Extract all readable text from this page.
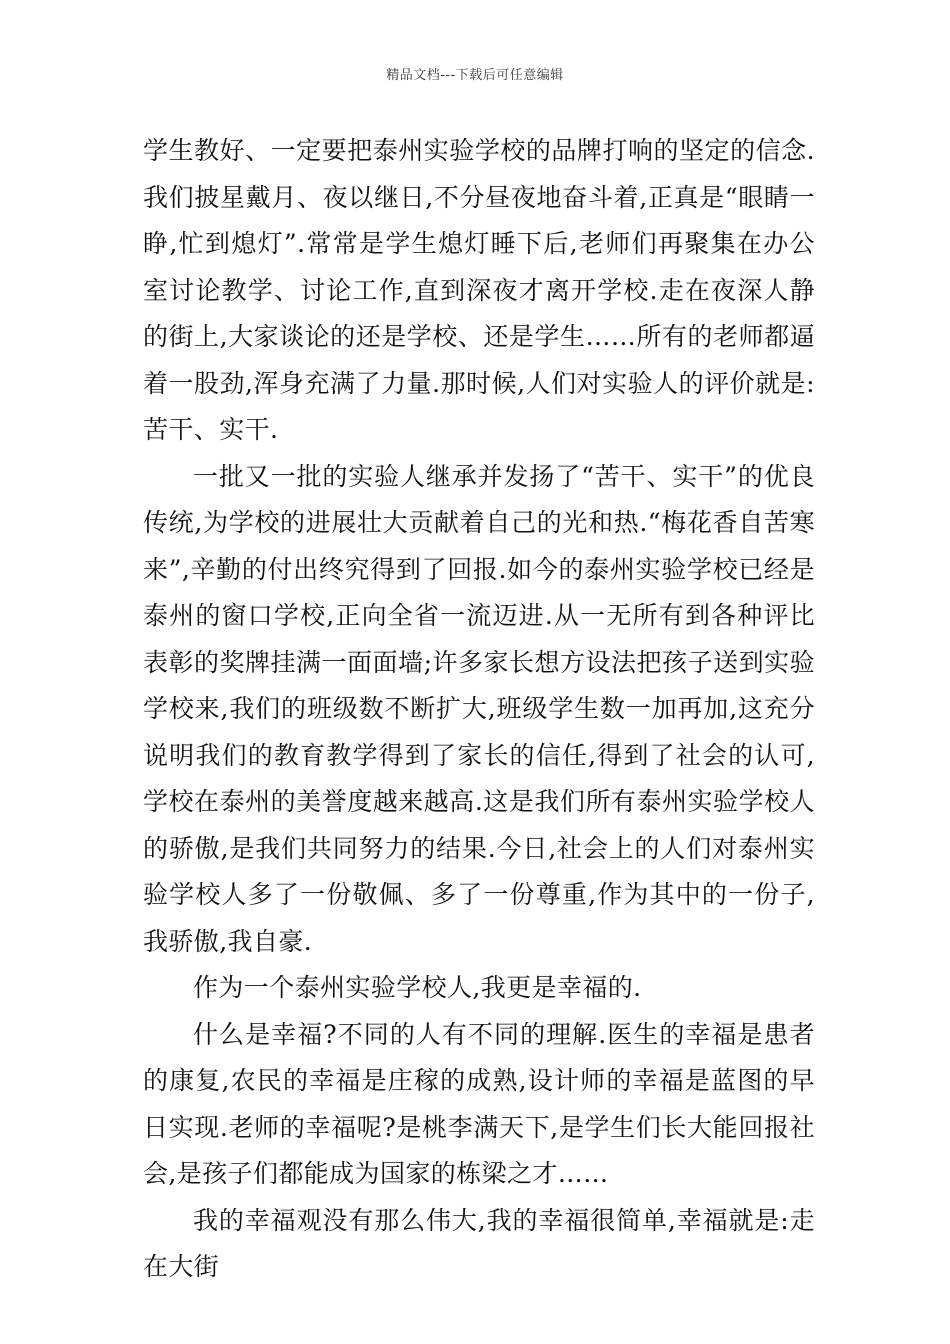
精品文档---下载后可任意编辑

学生教好、一定要把泰州实验学校的品牌打响的坚定的信念.我们披星戴月、夜以继日,不分昼夜地奋斗着,正真是“眼睛一睁,忙到熄灯”.常常是学生熄灯睡下后,老师们再聚集在办公室讨论教学、讨论工作,直到深夜才离开学校.走在夜深人静的街上,大家谈论的还是学校、还是学生……所有的老师都逼着一股劲,浑身充满了力量.那时候,人们对实验人的评价就是:苦干、实干.

一批又一批的实验人继承并发扬了“苦干、实干”的优良传统,为学校的进展壮大贡献着自己的光和热.“梅花香自苦寒来”,辛勤的付出终究得到了回报.如今的泰州实验学校已经是泰州的窗口学校,正向全省一流迈进.从一无所有到各种评比表彰的奖牌挂满一面面墙;许多家长想方设法把孩子送到实验学校来,我们的班级数不断扩大,班级学生数一加再加,这充分说明我们的教育教学得到了家长的信任,得到了社会的认可,学校在泰州的美誉度越来越高.这是我们所有泰州实验学校人的骄傲,是我们共同努力的结果.今日,社会上的人们对泰州实验学校人多了一份敬佩、多了一份尊重,作为其中的一份子,我骄傲,我自豪.

作为一个泰州实验学校人,我更是幸福的.

什么是幸福?不同的人有不同的理解.医生的幸福是患者的康复,农民的幸福是庄稼的成熟,设计师的幸福是蓝图的早日实现.老师的幸福呢?是桃李满天下,是学生们长大能回报社会,是孩子们都能成为国家的栋梁之才……

我的幸福观没有那么伟大,我的幸福很简单,幸福就是:走在大街
